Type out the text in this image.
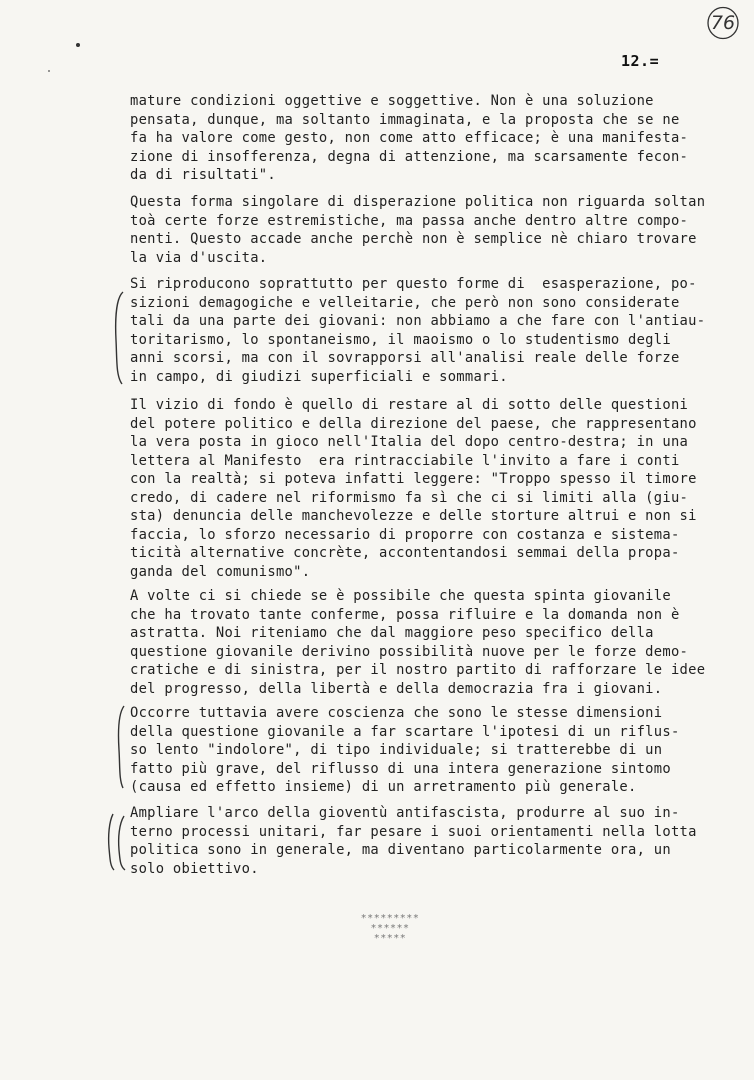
76
12.=
mature condizioni oggettive e soggettive. Non è una soluzione
pensata, dunque, ma soltanto immaginata, e la proposta che se ne
fa ha valore come gesto, non come atto efficace; è una manifesta-
zione di insofferenza, degna di attenzione, ma scarsamente fecon-
da di risultati".
Questa forma singolare di disperazione politica non riguarda soltan
toà certe forze estremistiche, ma passa anche dentro altre compo-
nenti. Questo accade anche perchè non è semplice nè chiaro trovare
la via d'uscita.
Si riproducono soprattutto per questo forme di  esasperazione, po-
sizioni demagogiche e velleitarie, che però non sono considerate
tali da una parte dei giovani: non abbiamo a che fare con l'antiau-
toritarismo, lo spontaneismo, il maoismo o lo studentismo degli
anni scorsi, ma con il sovrapporsi all'analisi reale delle forze
in campo, di giudizi superficiali e sommari.
Il vizio di fondo è quello di restare al di sotto delle questioni
del potere politico e della direzione del paese, che rappresentano
la vera posta in gioco nell'Italia del dopo centro-destra; in una
lettera al Manifesto  era rintracciabile l'invito a fare i conti
con la realtà; si poteva infatti leggere: "Troppo spesso il timore
credo, di cadere nel riformismo fa sì che ci si limiti alla (giu-
sta) denuncia delle manchevolezze e delle storture altrui e non si
faccia, lo sforzo necessario di proporre con costanza e sistema-
ticità alternative concrète, accontentandosi semmai della propa-
ganda del comunismo".
A volte ci si chiede se è possibile che questa spinta giovanile
che ha trovato tante conferme, possa rifluire e la domanda non è
astratta. Noi riteniamo che dal maggiore peso specifico della
questione giovanile derivino possibilità nuove per le forze demo-
cratiche e di sinistra, per il nostro partito di rafforzare le idee
del progresso, della libertà e della democrazia fra i giovani.
Occorre tuttavia avere coscienza che sono le stesse dimensioni
della questione giovanile a far scartare l'ipotesi di un riflus-
so lento "indolore", di tipo individuale; si tratterebbe di un
fatto più grave, del riflusso di una intera generazione sintomo
(causa ed effetto insieme) di un arretramento più generale.
Ampliare l'arco della gioventù antifascista, produrre al suo in-
terno processi unitari, far pesare i suoi orientamenti nella lotta
politica sono in generale, ma diventano particolarmente ora, un
solo obiettivo.
*********
******
*****
